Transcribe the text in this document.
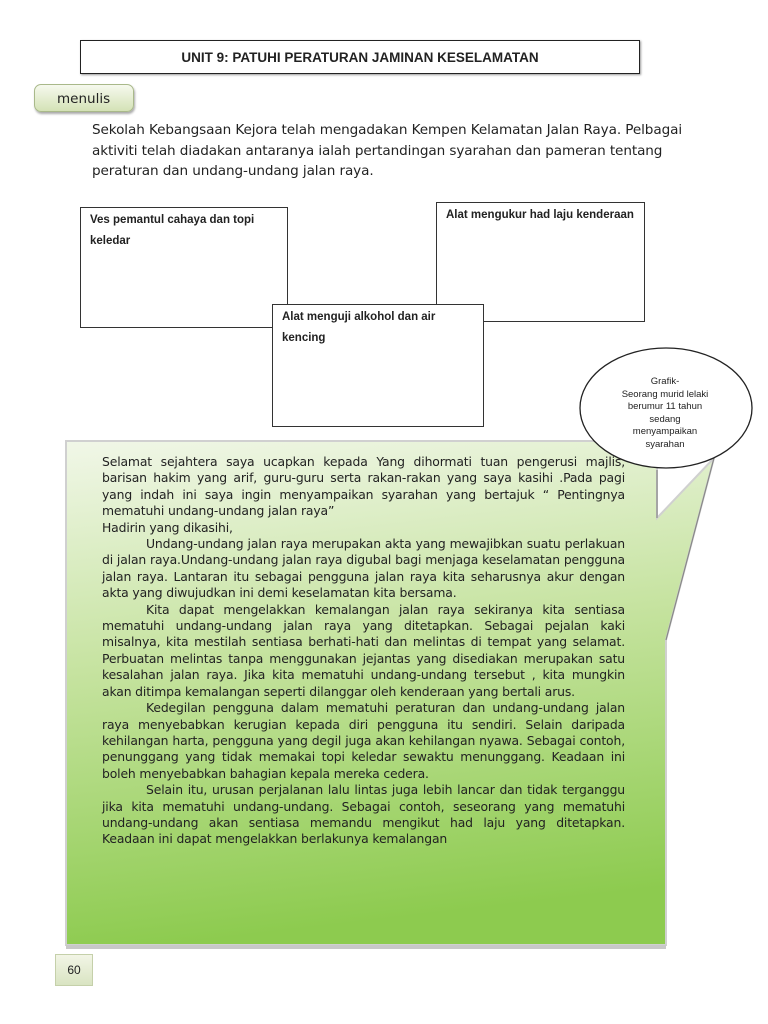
UNIT 9: PATUHI PERATURAN JAMINAN KESELAMATAN
menulis
Sekolah Kebangsaan Kejora telah mengadakan Kempen Kelamatan Jalan Raya. Pelbagai aktiviti telah diadakan antaranya ialah pertandingan syarahan dan pameran tentang peraturan dan undang-undang jalan raya.
Ves pemantul cahaya dan topi keledar
Alat mengukur had laju kenderaan
Alat menguji alkohol dan air kencing
Grafik-
Seorang murid lelaki
berumur 11 tahun
sedang
menyampaikan
syarahan

Selamat sejahtera saya ucapkan kepada Yang dihormati tuan pengerusi majlis, barisan hakim yang arif, guru-guru serta rakan-rakan yang saya kasihi .Pada pagi yang indah ini saya ingin menyampaikan syarahan yang bertajuk “ Pentingnya mematuhi undang-undang jalan raya”

Hadirin yang dikasihi,

Undang-undang jalan raya merupakan akta yang mewajibkan suatu perlakuan di jalan raya.Undang-undang jalan raya digubal bagi menjaga keselamatan pengguna jalan raya. Lantaran itu sebagai pengguna jalan raya kita seharusnya akur dengan akta yang diwujudkan ini demi keselamatan kita bersama.

Kita dapat mengelakkan kemalangan jalan raya sekiranya kita sentiasa mematuhi undang-undang jalan raya yang ditetapkan. Sebagai pejalan kaki misalnya, kita mestilah sentiasa berhati-hati dan melintas di tempat yang selamat. Perbuatan melintas tanpa menggunakan jejantas yang disediakan merupakan satu kesalahan jalan raya. Jika kita mematuhi undang-undang tersebut , kita mungkin akan ditimpa kemalangan seperti dilanggar oleh kenderaan yang bertali arus.

Kedegilan pengguna dalam mematuhi peraturan dan undang-undang jalan raya menyebabkan kerugian kepada diri pengguna itu sendiri. Selain daripada kehilangan harta, pengguna yang degil juga akan kehilangan nyawa. Sebagai contoh, penunggang yang tidak memakai topi keledar sewaktu menunggang. Keadaan ini boleh menyebabkan bahagian kepala mereka cedera.

Selain itu, urusan perjalanan lalu lintas juga lebih lancar dan tidak terganggu jika kita mematuhi undang-undang. Sebagai contoh, seseorang yang mematuhi undang-undang akan sentiasa memandu mengikut had laju yang ditetapkan. Keadaan ini dapat mengelakkan berlakunya kemalangan

60
